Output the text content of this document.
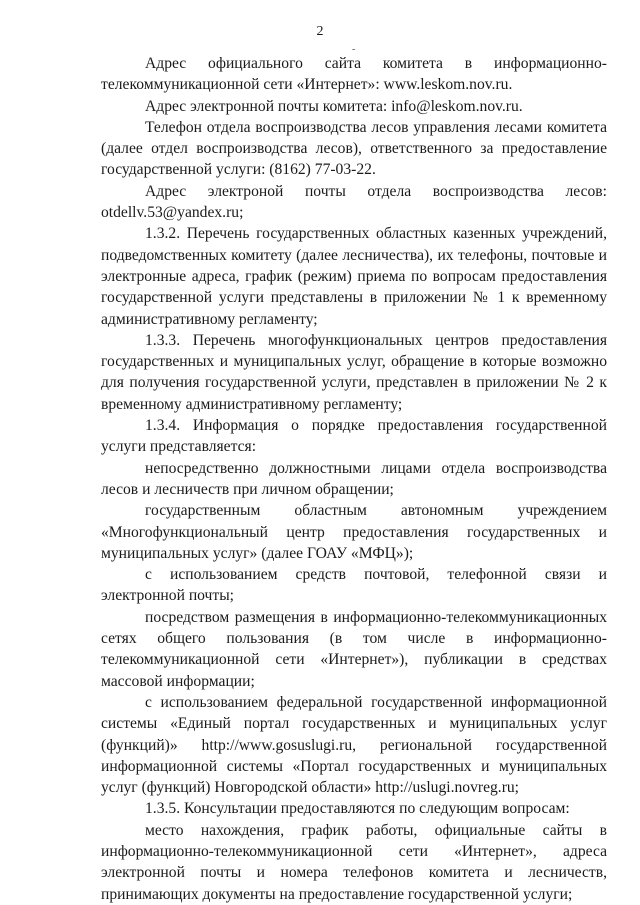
2
-

Адрес официального сайта комитета в информационно-телекоммуникационной сети «Интернет»: www.leskom.nov.ru.

Адрес электронной почты комитета: info@leskom.nov.ru.

Телефон отдела воспроизводства лесов управления лесами комитета (далее отдел воспроизводства лесов), ответственного за предоставление государственной услуги: (8162) 77-03-22.

Адрес электроной почты отдела воспроизводства лесов: otdellv.53@yandex.ru;

1.3.2. Перечень государственных областных казенных учреждений, подведомственных комитету (далее лесничества), их телефоны, почтовые и электронные адреса, график (режим) приема по вопросам предоставления государственной услуги представлены в приложении № 1 к временному административному регламенту;

1.3.3. Перечень многофункциональных центров предоставления государственных и муниципальных услуг, обращение в которые возможно для получения государственной услуги, представлен в приложении № 2 к временному административному регламенту;

1.3.4. Информация о порядке предоставления государственной услуги представляется:

непосредственно должностными лицами отдела воспроизводства лесов и лесничеств при личном обращении;

государственным областным автономным учреждением «Многофункциональный центр предоставления государственных и муниципальных услуг» (далее ГОАУ «МФЦ»);

с использованием средств почтовой, телефонной связи и электронной почты;

посредством размещения в информационно-телекоммуникационных сетях общего пользования (в том числе в информационно-телекоммуникационной сети «Интернет»), публикации в средствах массовой информации;

с использованием федеральной государственной информационной системы «Единый портал государственных и муниципальных услуг (функций)» http://www.gosuslugi.ru, региональной государственной информационной системы «Портал государственных и муниципальных услуг (функций) Новгородской области» http://uslugi.novreg.ru;

1.3.5. Консультации предоставляются по следующим вопросам:

место нахождения, график работы, официальные сайты в информационно-телекоммуникационной сети «Интернет», адреса электронной почты и номера телефонов комитета и лесничеств, принимающих документы на предоставление государственной услуги;
